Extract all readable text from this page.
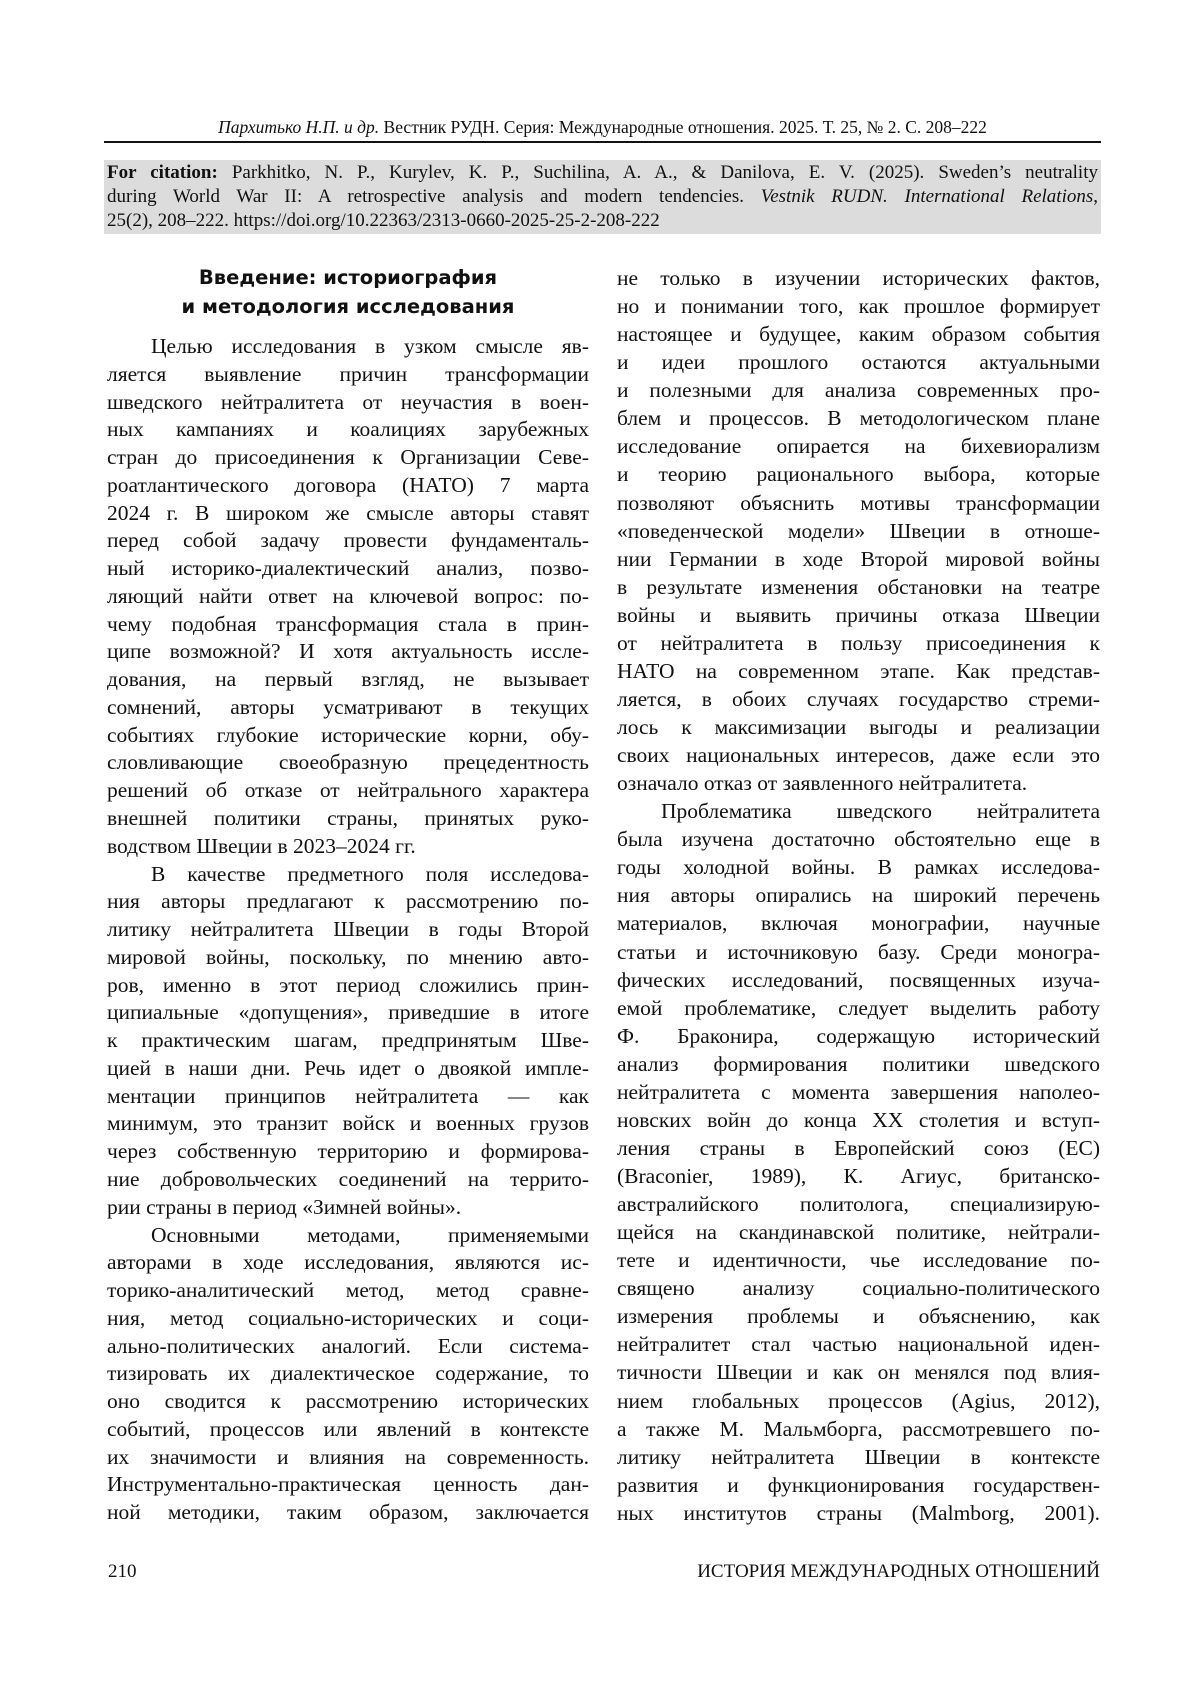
Пархитько Н.П. и др. Вестник РУДН. Серия: Международные отношения. 2025. Т. 25, № 2. С. 208–222
For citation: Parkhitko, N. P., Kurylev, K. P., Suchilina, A. A., & Danilova, E. V. (2025). Sweden’s neutrality
during World War II: A retrospective analysis and modern tendencies. Vestnik RUDN. International Relations,
25(2), 208–222. https://doi.org/10.22363/2313-0660-2025-25-2-208-222
Введение: историография
и методология исследования
Целью исследования в узком смысле яв-
ляется выявление причин трансформации
шведского нейтралитета от неучастия в воен-
ных кампаниях и коалициях зарубежных
стран до присоединения к Организации Севе-
роатлантического договора (НАТО) 7 марта
2024 г. В широком же смысле авторы ставят
перед собой задачу провести фундаменталь-
ный историко-диалектический анализ, позво-
ляющий найти ответ на ключевой вопрос: по-
чему подобная трансформация стала в прин-
ципе возможной? И хотя актуальность иссле-
дования, на первый взгляд, не вызывает
сомнений, авторы усматривают в текущих
событиях глубокие исторические корни, обу-
словливающие своеобразную прецедентность
решений об отказе от нейтрального характера
внешней политики страны, принятых руко-
водством Швеции в 2023–2024 гг.
В качестве предметного поля исследова-
ния авторы предлагают к рассмотрению по-
литику нейтралитета Швеции в годы Второй
мировой войны, поскольку, по мнению авто-
ров, именно в этот период сложились прин-
ципиальные «допущения», приведшие в итоге
к практическим шагам, предпринятым Шве-
цией в наши дни. Речь идет о двоякой импле-
ментации принципов нейтралитета — как
минимум, это транзит войск и военных грузов
через собственную территорию и формирова-
ние добровольческих соединений на террито-
рии страны в период «Зимней войны».
Основными методами, применяемыми
авторами в ходе исследования, являются ис-
торико-аналитический метод, метод сравне-
ния, метод социально-исторических и соци-
ально-политических аналогий. Если система-
тизировать их диалектическое содержание, то
оно сводится к рассмотрению исторических
событий, процессов или явлений в контексте
их значимости и влияния на современность.
Инструментально-практическая ценность дан-
ной методики, таким образом, заключается
не только в изучении исторических фактов,
но и понимании того, как прошлое формирует
настоящее и будущее, каким образом события
и идеи прошлого остаются актуальными
и полезными для анализа современных про-
блем и процессов. В методологическом плане
исследование опирается на бихевиорализм
и теорию рационального выбора, которые
позволяют объяснить мотивы трансформации
«поведенческой модели» Швеции в отноше-
нии Германии в ходе Второй мировой войны
в результате изменения обстановки на театре
войны и выявить причины отказа Швеции
от нейтралитета в пользу присоединения к
НАТО на современном этапе. Как представ-
ляется, в обоих случаях государство стреми-
лось к максимизации выгоды и реализации
своих национальных интересов, даже если это
означало отказ от заявленного нейтралитета.
Проблематика шведского нейтралитета
была изучена достаточно обстоятельно еще в
годы холодной войны. В рамках исследова-
ния авторы опирались на широкий перечень
материалов, включая монографии, научные
статьи и источниковую базу. Среди моногра-
фических исследований, посвященных изуча-
емой проблематике, следует выделить работу
Ф. Браконира, содержащую исторический
анализ формирования политики шведского
нейтралитета с момента завершения наполео-
новских войн до конца XX столетия и вступ-
ления страны в Европейский союз (ЕС)
(Braconier, 1989), К. Агиус, британско-
австралийского политолога, специализирую-
щейся на скандинавской политике, нейтрали-
тете и идентичности, чье исследование по-
священо анализу социально-политического
измерения проблемы и объяснению, как
нейтралитет стал частью национальной иден-
тичности Швеции и как он менялся под влия-
нием глобальных процессов (Agius, 2012),
а также М. Мальмборга, рассмотревшего по-
литику нейтралитета Швеции в контексте
развития и функционирования государствен-
ных институтов страны (Malmborg, 2001).
210	ИСТОРИЯ МЕЖДУНАРОДНЫХ ОТНОШЕНИЙ
